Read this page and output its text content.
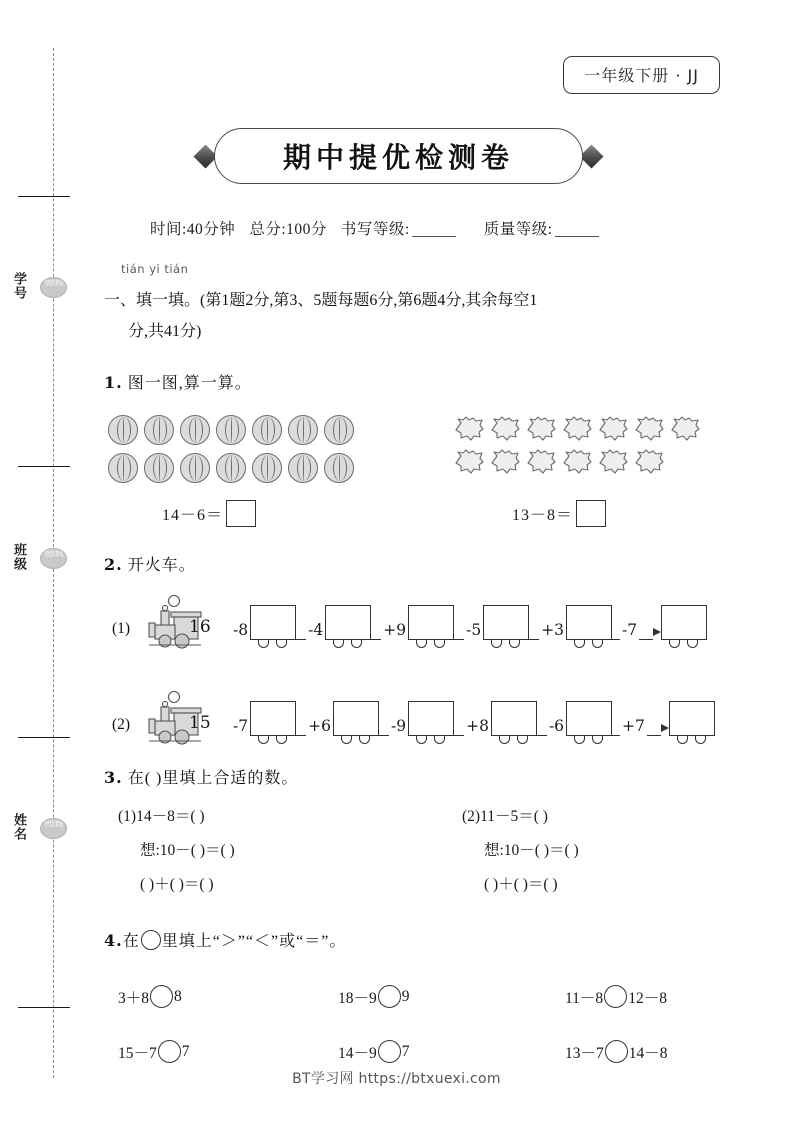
学号
班级
姓名
密封线
密封线
密封线
一年级下册 · JJ
期中提优检测卷
时间:40分钟 总分:100分 书写等级:	质量等级:
tián yi tián
一、填一填。(第1题2分,第3、5题每题6分,第6题4分,其余每空1
分,共41分)
1. 图一图,算一算。
14－6＝	13－8＝
2. 开火车。
(1)	16 -8	-4	+9	-5	+3	-7
(2)	15 -7	+6	-9	+8	-6	+7
3. 在( )里填上合适的数。
(1)14－8＝( )
想:10－( )＝( )
( )＋( )＝( )
(2)11－5＝( )
想:10－( )＝( )
( )＋( )＝( )
4.在 里填上“＞”“＜”或“＝”。
3＋8 8	18－9 9	11－8 12－8
15－7 7	14－9 7	13－7 14－8
BT学习网 https://btxuexi.com
